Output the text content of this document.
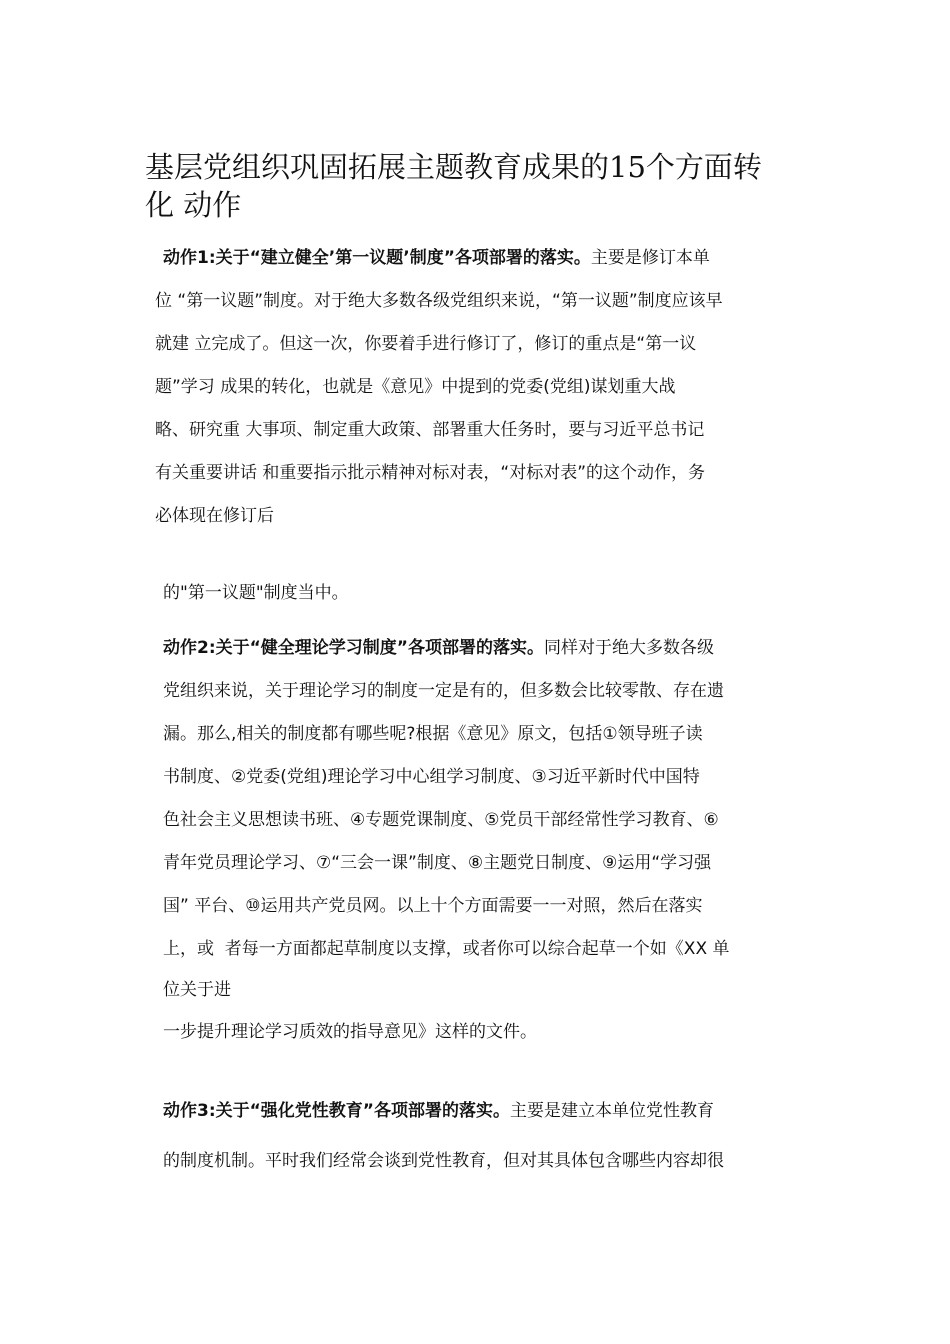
基层党组织巩固拓展主题教育成果的15个方面转
化 动作
动作1:关于“建立健全’第一议题’制度”各项部署的落实。主要是修订本单
位 “第一议题”制度。对于绝大多数各级党组织来说，“第一议题”制度应该早
就建 立完成了。但这一次，你要着手进行修订了，修订的重点是“第一议
题”学习 成果的转化，也就是《意见》中提到的党委(党组)谋划重大战
略、研究重 大事项、制定重大政策、部署重大任务时，要与习近平总书记
有关重要讲话 和重要指示批示精神对标对表，“对标对表”的这个动作，务
必体现在修订后
的"第一议题"制度当中。
动作2:关于“健全理论学习制度”各项部署的落实。同样对于绝大多数各级
党组织来说，关于理论学习的制度一定是有的，但多数会比较零散、存在遗
漏。那么,相关的制度都有哪些呢?根据《意见》原文，包括①领导班子读
书制度、②党委(党组)理论学习中心组学习制度、③习近平新时代中国特
色社会主义思想读书班、④专题党课制度、⑤党员干部经常性学习教育、⑥
青年党员理论学习、⑦“三会一课”制度、⑧主题党日制度、⑨运用“学习强
国” 平台、⑩运用共产党员网。以上十个方面需要一一对照，然后在落实
上，或  者每一方面都起草制度以支撑，或者你可以综合起草一个如《XX 单
位关于进
一步提升理论学习质效的指导意见》这样的文件。
动作3:关于“强化党性教育”各项部署的落实。主要是建立本单位党性教育
的制度机制。平时我们经常会谈到党性教育，但对其具体包含哪些内容却很
